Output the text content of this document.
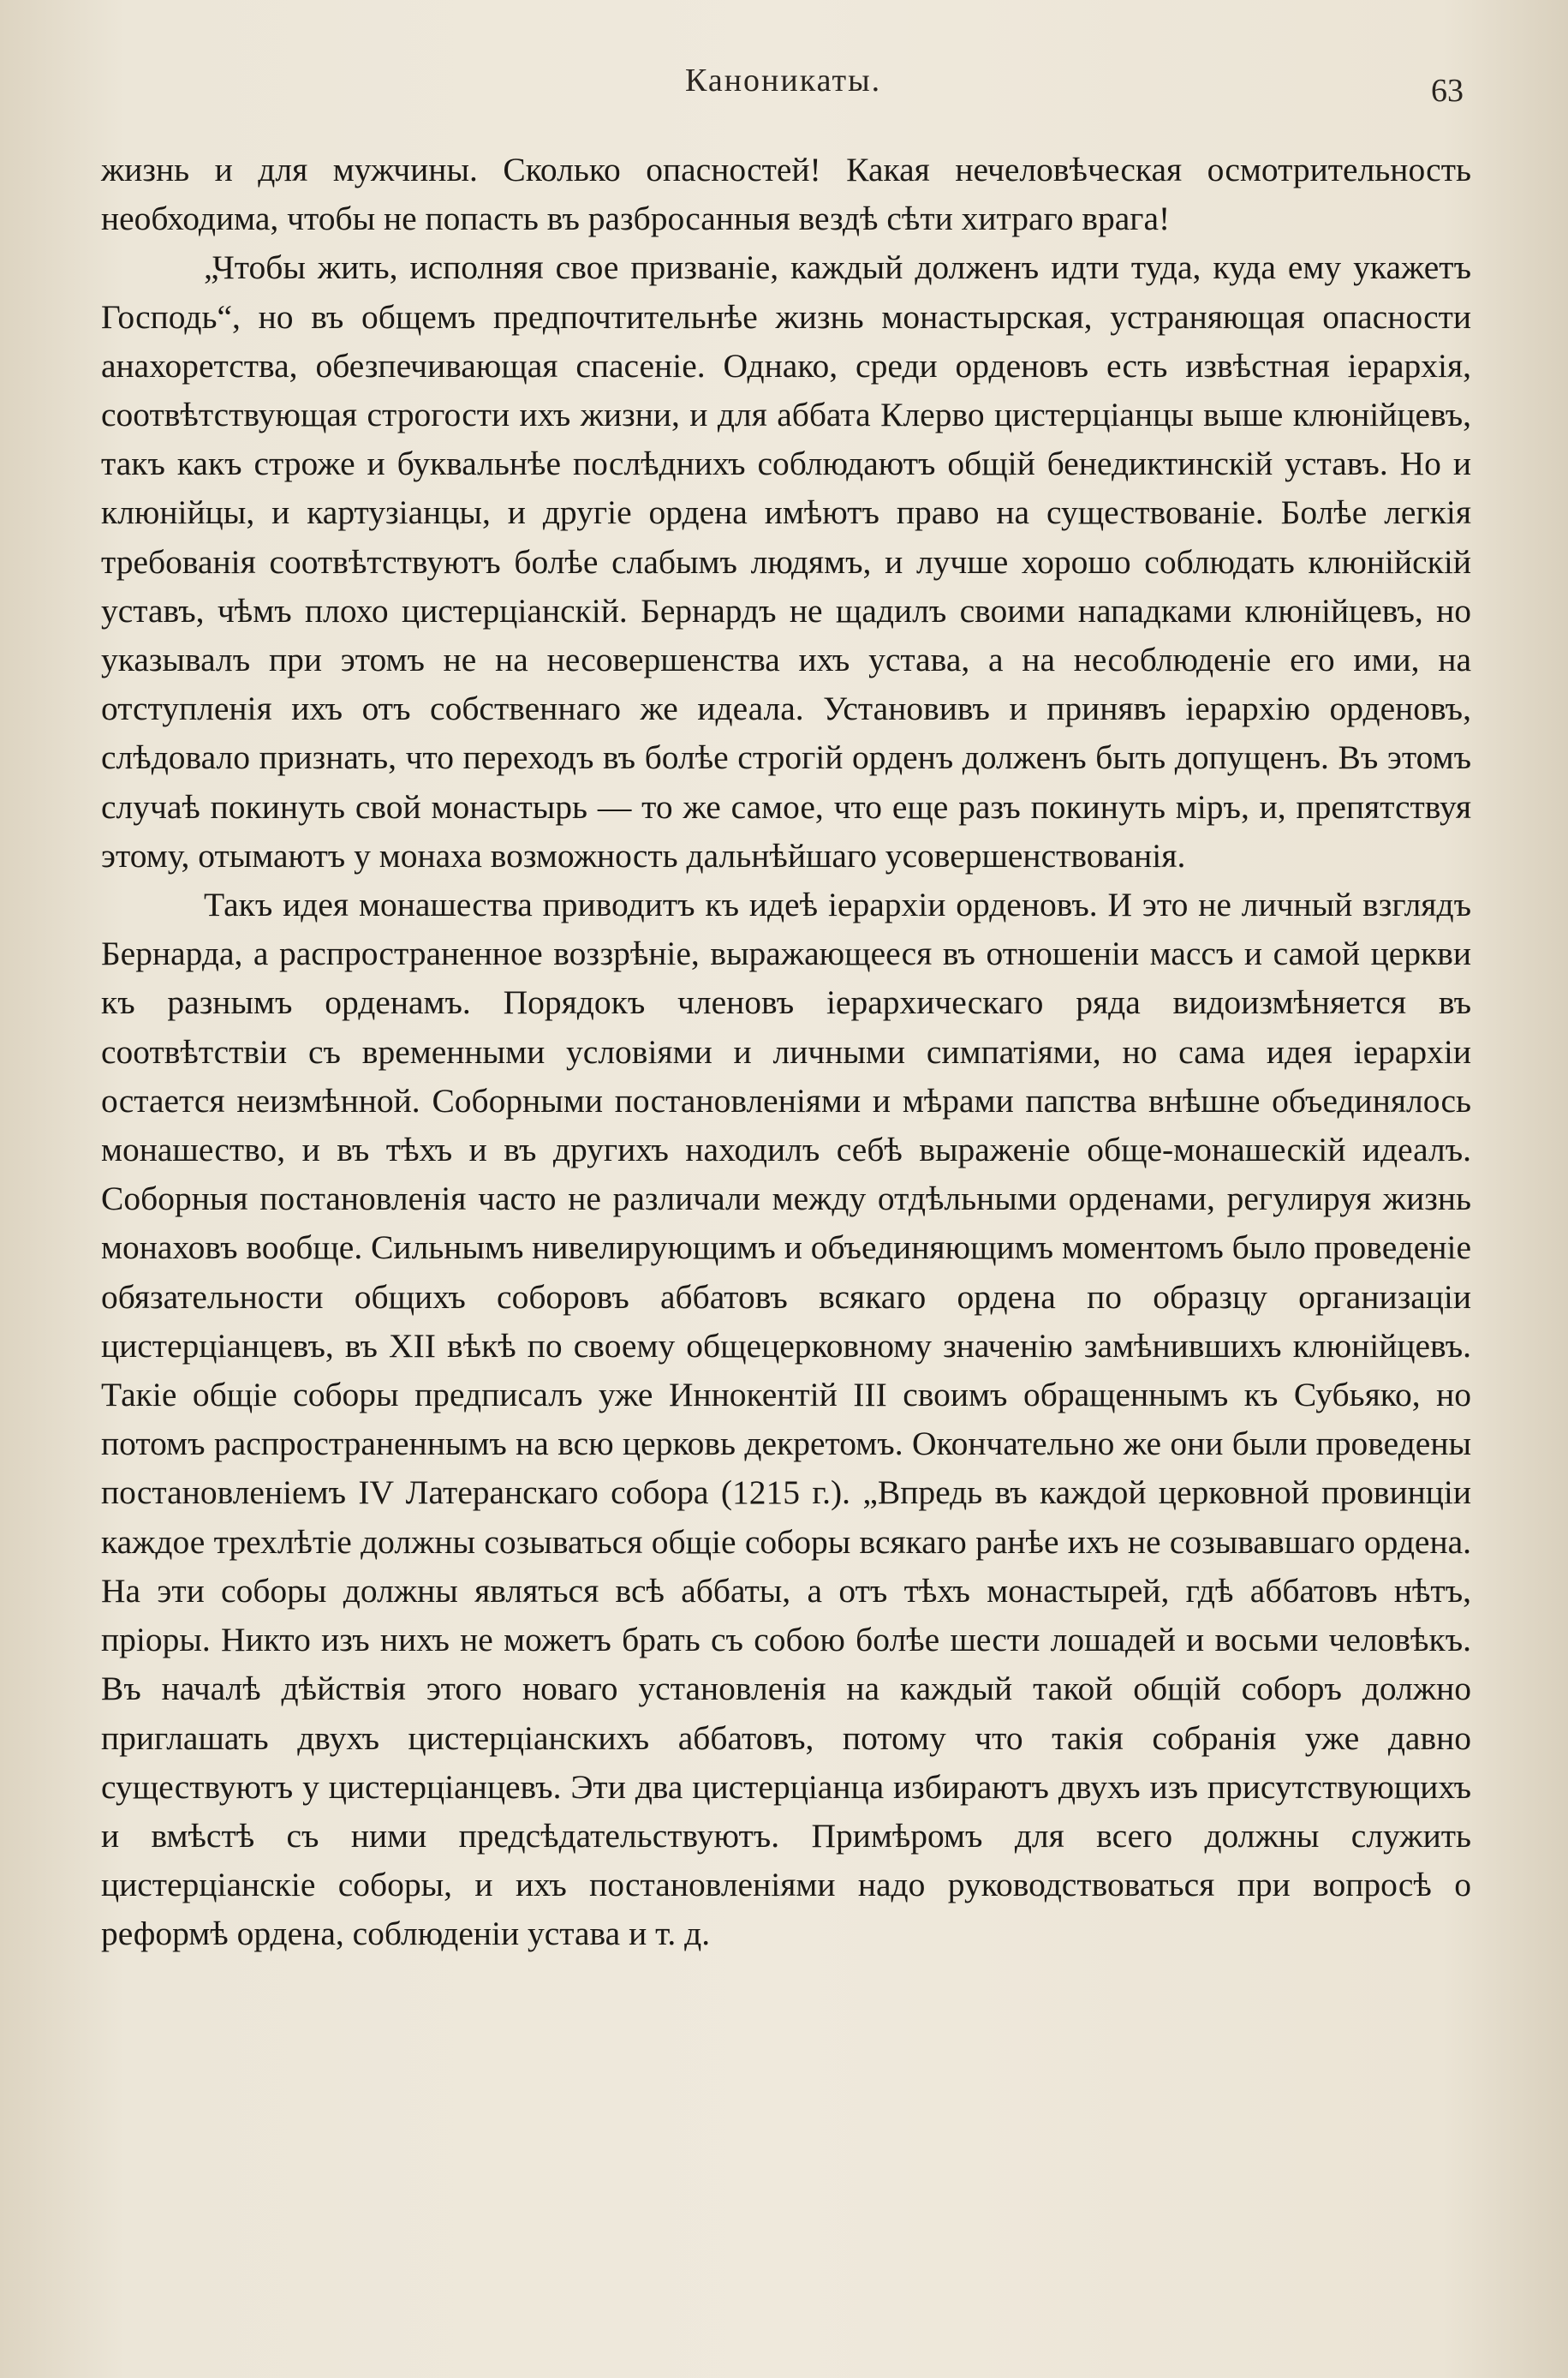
Каноникаты.	63

жизнь и для мужчины. Сколько опасностей! Какая нечеловѣческая осмотрительность необходима, чтобы не попасть въ разбросанныя вездѣ сѣти хитраго врага!

„Чтобы жить, исполняя свое призваніе, каждый долженъ идти туда, куда ему укажетъ Господь“, но въ общемъ предпочтительнѣе жизнь монастырская, устраняющая опасности анахоретства, обезпечивающая спасеніе. Однако, среди орденовъ есть извѣстная іерархія, соотвѣтствующая строгости ихъ жизни, и для аббата Клерво цистерціанцы выше клюнійцевъ, такъ какъ строже и буквальнѣе послѣднихъ соблюдаютъ общій бенедиктинскій уставъ. Но и клюнійцы, и картузіанцы, и другіе ордена имѣютъ право на существованіе. Болѣе легкія требованія соотвѣтствуютъ болѣе слабымъ людямъ, и лучше хорошо соблюдать клюнійскій уставъ, чѣмъ плохо цистерціанскій. Бернардъ не щадилъ своими нападками клюнійцевъ, но указывалъ при этомъ не на несовершенства ихъ устава, а на несоблюденіе его ими, на отступленія ихъ отъ собственнаго же идеала. Установивъ и принявъ іерархію орденовъ, слѣдовало признать, что переходъ въ болѣе строгій орденъ долженъ быть допущенъ. Въ этомъ случаѣ покинуть свой монастырь — то же самое, что еще разъ покинуть міръ, и, препятствуя этому, отымаютъ у монаха возможность дальнѣйшаго усовершенствованія.

Такъ идея монашества приводитъ къ идеѣ іерархіи орденовъ. И это не личный взглядъ Бернарда, а распространенное воззрѣніе, выражающееся въ отношеніи массъ и самой церкви къ разнымъ орденамъ. Порядокъ членовъ іерархическаго ряда видоизмѣняется въ соотвѣтствіи съ временными условіями и личными симпатіями, но сама идея іерархіи остается неизмѣнной. Соборными постановленіями и мѣрами папства внѣшне объединялось монашество, и въ тѣхъ и въ другихъ находилъ себѣ выраженіе обще-монашескій идеалъ. Соборныя постановленія часто не различали между отдѣльными орденами, регулируя жизнь монаховъ вообще. Сильнымъ нивелирующимъ и объединяющимъ моментомъ было проведеніе обязательности общихъ соборовъ аббатовъ всякаго ордена по образцу организаціи цистерціанцевъ, въ XII вѣкѣ по своему общецерковному значенію замѣнившихъ клюнійцевъ. Такіе общіе соборы предписалъ уже Иннокентій III своимъ обращеннымъ къ Субьяко, но потомъ распространеннымъ на всю церковь декретомъ. Окончательно же они были проведены постановленіемъ IV Латеранскаго собора (1215 г.). „Впредь въ каждой церковной провинціи каждое трехлѣтіе должны созываться общіе соборы всякаго ранѣе ихъ не созывавшаго ордена. На эти соборы должны являться всѣ аббаты, а отъ тѣхъ монастырей, гдѣ аббатовъ нѣтъ, пріоры. Никто изъ нихъ не можетъ брать съ собою болѣе шести лошадей и восьми человѣкъ. Въ началѣ дѣйствія этого новаго установленія на каждый такой общій соборъ должно приглашать двухъ цистерціанскихъ аббатовъ, потому что такія собранія уже давно существуютъ у цистерціанцевъ. Эти два цистерціанца избираютъ двухъ изъ присутствующихъ и вмѣстѣ съ ними предсѣдательствуютъ. Примѣромъ для всего должны служить цистерціанскіе соборы, и ихъ постановленіями надо руководствоваться при вопросѣ о реформѣ ордена, соблюденіи устава и т. д.
